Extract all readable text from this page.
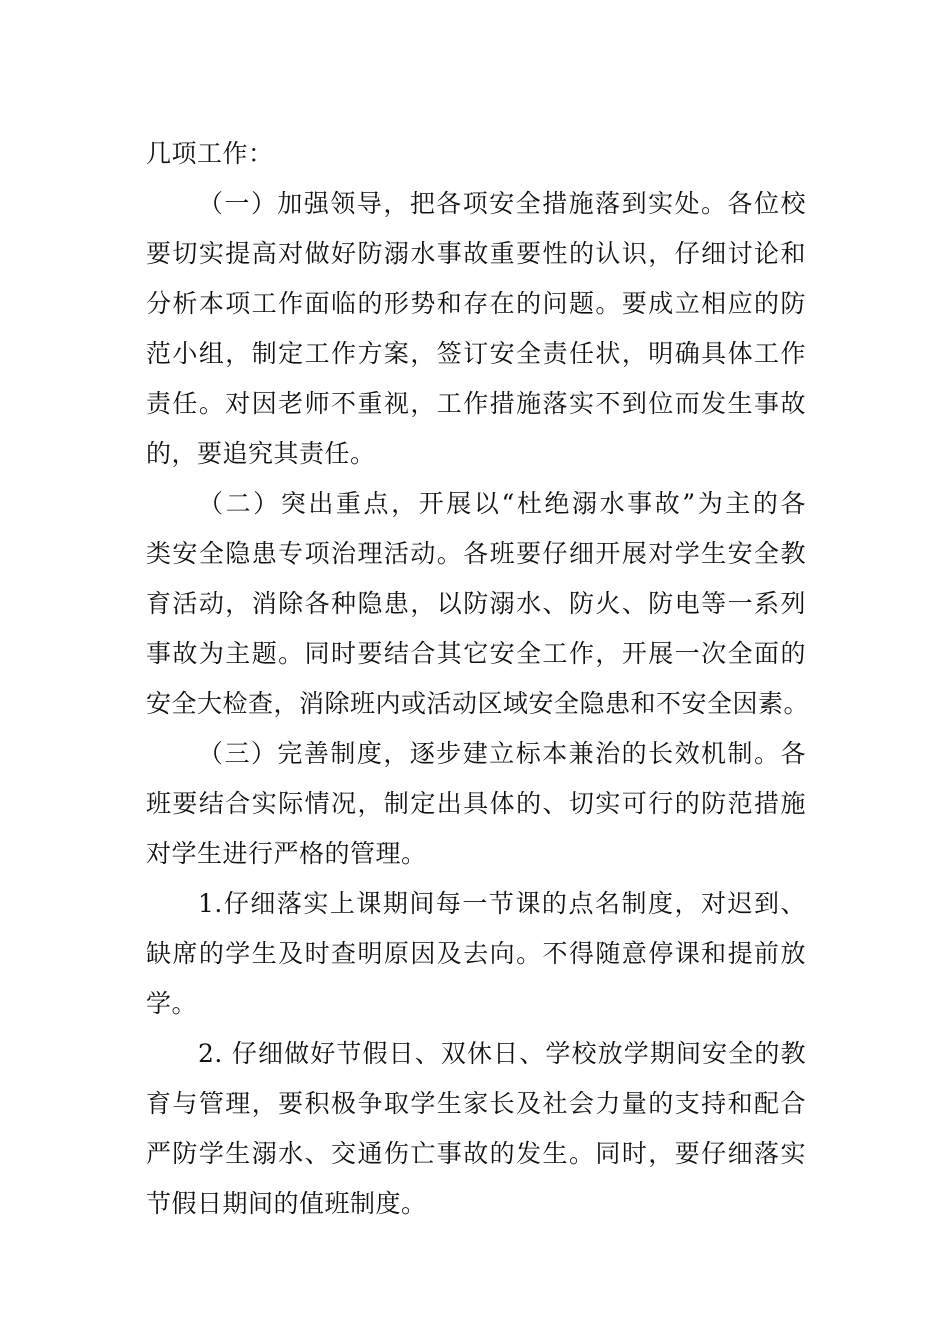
几项工作：
（一）加强领导，把各项安全措施落到实处。各位校
要切实提高对做好防溺水事故重要性的认识，仔细讨论和
分析本项工作面临的形势和存在的问题。要成立相应的防
范小组，制定工作方案，签订安全责任状，明确具体工作
责任。对因老师不重视，工作措施落实不到位而发生事故
的，要追究其责任。
（二）突出重点，开展以“杜绝溺水事故”为主的各
类安全隐患专项治理活动。各班要仔细开展对学生安全教
育活动，消除各种隐患，以防溺水、防火、防电等一系列
事故为主题。同时要结合其它安全工作，开展一次全面的
安全大检查，消除班内或活动区域安全隐患和不安全因素。
（三）完善制度，逐步建立标本兼治的长效机制。各
班要结合实际情况，制定出具体的、切实可行的防范措施
对学生进行严格的管理。
1.仔细落实上课期间每一节课的点名制度，对迟到、
缺席的学生及时查明原因及去向。不得随意停课和提前放
学。
2. 仔细做好节假日、双休日、学校放学期间安全的教
育与管理，要积极争取学生家长及社会力量的支持和配合
严防学生溺水、交通伤亡事故的发生。同时，要仔细落实
节假日期间的值班制度。
